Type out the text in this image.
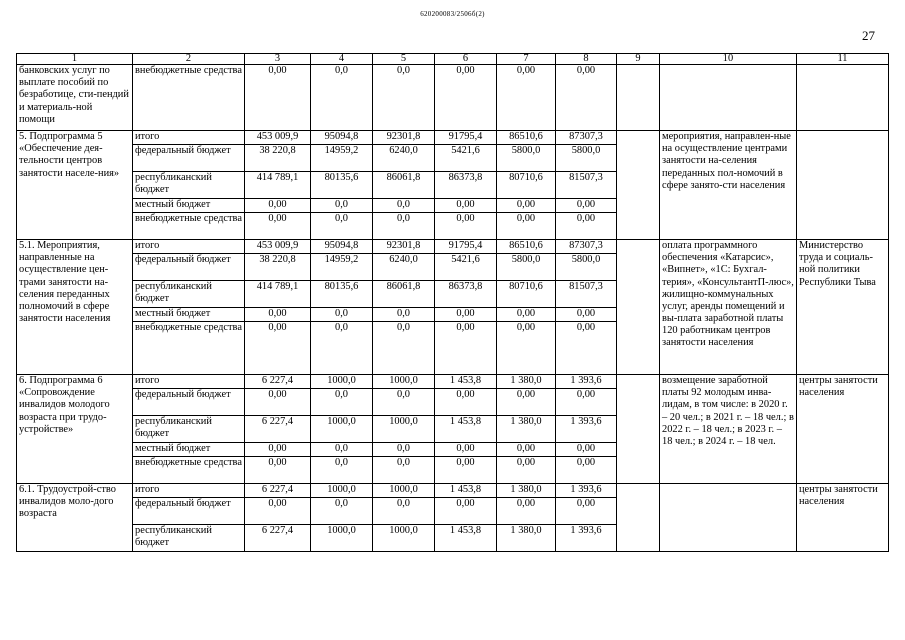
620200083/2506б(2)
27
1	2	3	4	5	6	7	8	9	10	11
банковских услуг по выплате пособий по безработице, сти-пендий и материаль-ной помощи	внебюджетные средства	0,00	0,0	0,0	0,00	0,00	0,00			
5. Подпрограмма 5 «Обеспечение дея-тельности центров занятости населе-ния»	итого	453 009,9	95094,8	92301,8	91795,4	86510,6	87307,3		мероприятия, направлен-ные на осуществление центрами занятости на-селения переданных пол-номочий в сфере занято-сти населения	
	федеральный бюджет	38 220,8	14959,2	6240,0	5421,6	5800,0	5800,0			
	республиканский бюджет	414 789,1	80135,6	86061,8	86373,8	80710,6	81507,3			
	местный бюджет	0,00	0,0	0,0	0,00	0,00	0,00			
	внебюджетные средства	0,00	0,0	0,0	0,00	0,00	0,00			
5.1. Мероприятия, направленные на осуществление цен-трами занятости на-селения переданных полномочий в сфере занятости населения	итого	453 009,9	95094,8	92301,8	91795,4	86510,6	87307,3		оплата программного обеспечения «Катарсис», «Випнет», «1С: Бухгал-терия», «КонсультантП-люс», жилищно-коммунальных услуг, аренды помещений и вы-плата заработной платы 120 работникам центров занятости населения	Министерство труда и социаль-ной политики Республики Тыва
	федеральный бюджет	38 220,8	14959,2	6240,0	5421,6	5800,0	5800,0			
	республиканский бюджет	414 789,1	80135,6	86061,8	86373,8	80710,6	81507,3			
	местный бюджет	0,00	0,0	0,0	0,00	0,00	0,00			
	внебюджетные средства	0,00	0,0	0,0	0,00	0,00	0,00			
6. Подпрограмма 6 «Сопровождение инвалидов молодого возраста при трудо-устройстве»	итого	6 227,4	1000,0	1000,0	1 453,8	1 380,0	1 393,6		возмещение заработной платы 92 молодым инва-лидам, в том числе: в 2020 г. – 20 чел.; в 2021 г. – 18 чел.; в 2022 г. – 18 чел.; в 2023 г. – 18 чел.; в 2024 г. – 18 чел.	центры занятости населения
	федеральный бюджет	0,00	0,0	0,0	0,00	0,00	0,00			
	республиканский бюджет	6 227,4	1000,0	1000,0	1 453,8	1 380,0	1 393,6			
	местный бюджет	0,00	0,0	0,0	0,00	0,00	0,00			
	внебюджетные средства	0,00	0,0	0,0	0,00	0,00	0,00			
6.1. Трудоустрой-ство инвалидов моло-дого возраста	итого	6 227,4	1000,0	1000,0	1 453,8	1 380,0	1 393,6			центры занятости населения
	федеральный бюджет	0,00	0,0	0,0	0,00	0,00	0,00			
	республиканский бюджет	6 227,4	1000,0	1000,0	1 453,8	1 380,0	1 393,6			
